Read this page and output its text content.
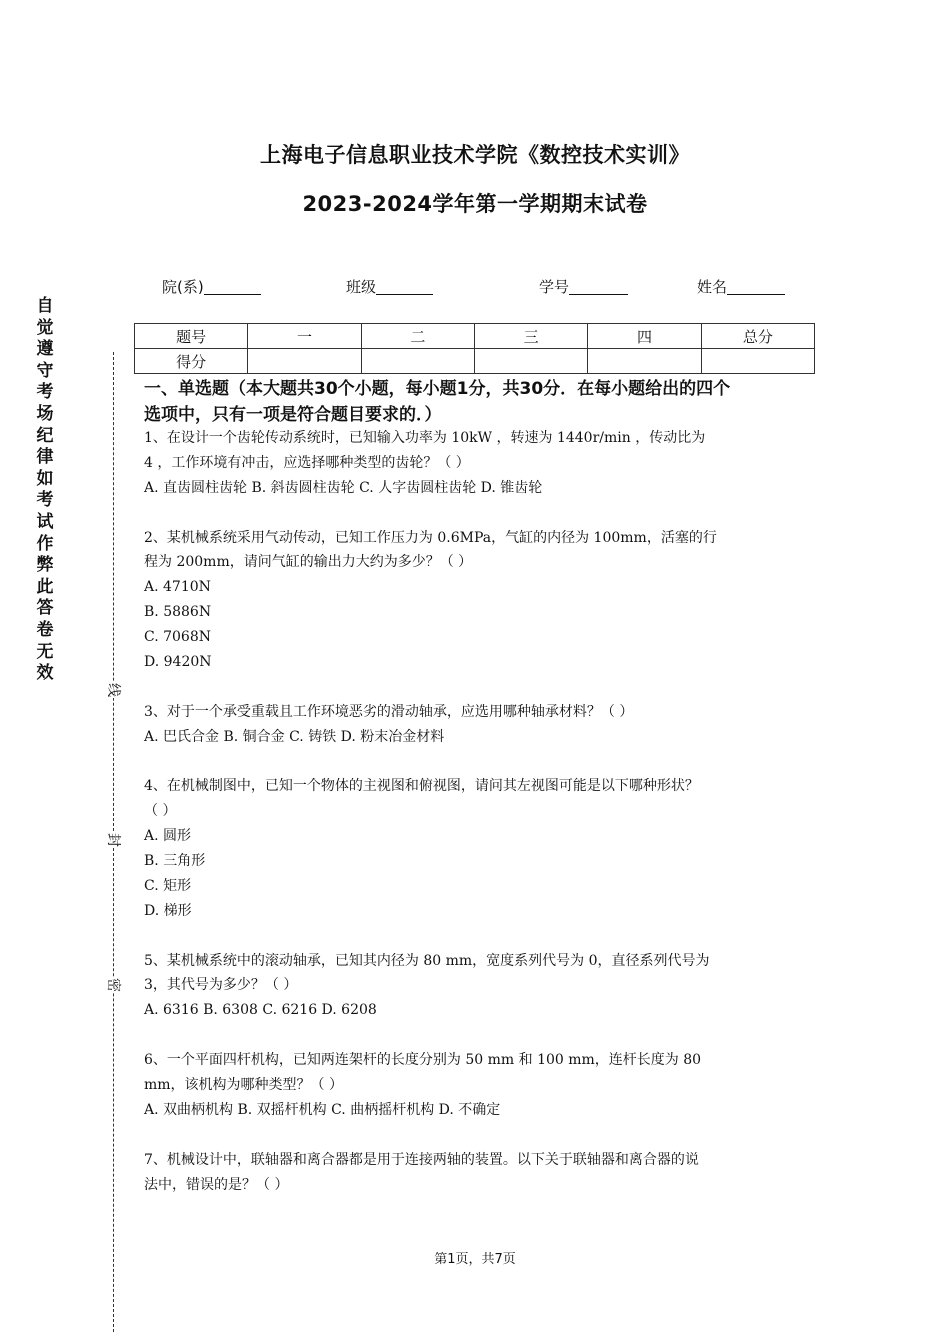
上海电子信息职业技术学院《数控技术实训》
2023-2024学年第一学期期末试卷
院(系)	班级	学号	姓名
题号	一	二	三	四	总分
得分					
自觉遵守考场纪律如考试作弊此答卷无效
线
封
密
一、单选题（本大题共30个小题，每小题1分，共30分．在每小题给出的四个
选项中，只有一项是符合题目要求的．）
1、在设计一个齿轮传动系统时，已知输入功率为 10kW ，转速为 1440r/min ，传动比为
4 ，工作环境有冲击，应选择哪种类型的齿轮？（ ）
A. 直齿圆柱齿轮 B. 斜齿圆柱齿轮 C. 人字齿圆柱齿轮 D. 锥齿轮
2、某机械系统采用气动传动，已知工作压力为 0.6MPa，气缸的内径为 100mm，活塞的行
程为 200mm，请问气缸的输出力大约为多少？（ ）
A. 4710N
B. 5886N
C. 7068N
D. 9420N
3、对于一个承受重载且工作环境恶劣的滑动轴承，应选用哪种轴承材料？（ ）
A. 巴氏合金 B. 铜合金 C. 铸铁 D. 粉末冶金材料
4、在机械制图中，已知一个物体的主视图和俯视图，请问其左视图可能是以下哪种形状？
（ ）
A. 圆形
B. 三角形
C. 矩形
D. 梯形
5、某机械系统中的滚动轴承，已知其内径为 80 mm，宽度系列代号为 0，直径系列代号为
3，其代号为多少？（ ）
A. 6316 B. 6308 C. 6216 D. 6208
6、一个平面四杆机构，已知两连架杆的长度分别为 50 mm 和 100 mm，连杆长度为 80
mm，该机构为哪种类型？（ ）
A. 双曲柄机构 B. 双摇杆机构 C. 曲柄摇杆机构 D. 不确定
7、机械设计中，联轴器和离合器都是用于连接两轴的装置。以下关于联轴器和离合器的说
法中，错误的是？（ ）
第1页，共7页
